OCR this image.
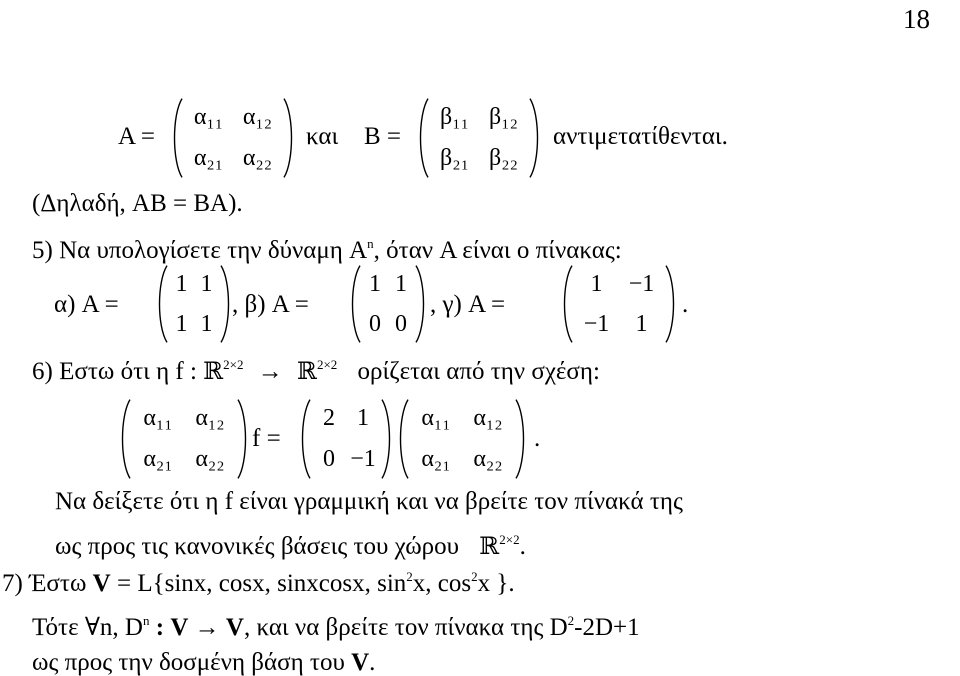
18
A =
α₁₁ α₁₂
α₂₁ α₂₂
και B =
β₁₁ β₁₂
β₂₁ β₂₂
αντιμετατίθενται.
(Δηλαδή, AB = BA).
5) Να υπολογίσετε την δύναμη $A^n$, όταν A είναι ο πίνακας:
α) A =
1 1
1 1
, β) A =
1 1
0 0
, γ) A =
1 −1
−1 1
.
6) Εστω ότι η f : ℝ$^{2\times 2}$ → ℝ$^{2\times 2}$ ορίζεται από την σχέση:
α₁₁ α₁₂
α₂₁ α₂₂
f =
2 1
0 −1
α₁₁ α₁₂
α₂₁ α₂₂
.
Να δείξετε ότι η f είναι γραμμική και να βρείτε τον πίνακά της
ως προς τις κανονικές βάσεις του χώρου ℝ$^{2\times 2}$.
7) Έστω V = L{sinx, cosx, sinxcosx, $\sin^2x$, $\cos^2x$ }.
Τότε ∀n, $D^n$ : V → V, και να βρείτε τον πίνακα της $D^2-2D+1$
ως προς την δοσμένη βάση του V.
